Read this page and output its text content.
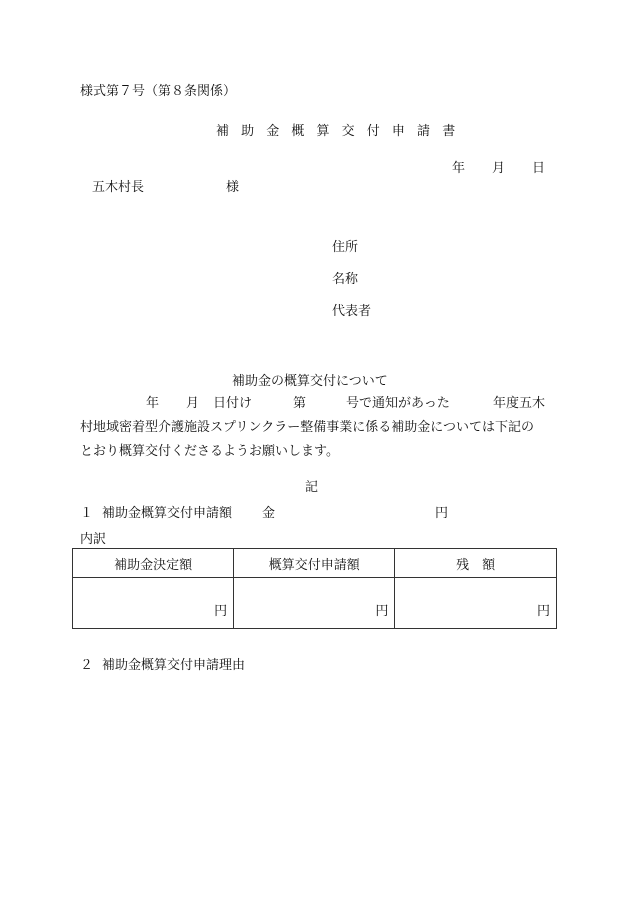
様式第７号（第８条関係）
補 助 金 概 算 交 付 申 請 書
年 月 日
五木村長	様
住所
名称
代表者
補助金の概算交付について
年 月 日付け	第	号で通知があった	年度五木
村地域密着型介護施設スプリンクラー整備事業に係る補助金については下記の
とおり概算交付くださるようお願いします。
記
１ 補助金概算交付申請額 金	円
内訳
補助金決定額	概算交付申請額	残　額
円	円	円
２ 補助金概算交付申請理由
